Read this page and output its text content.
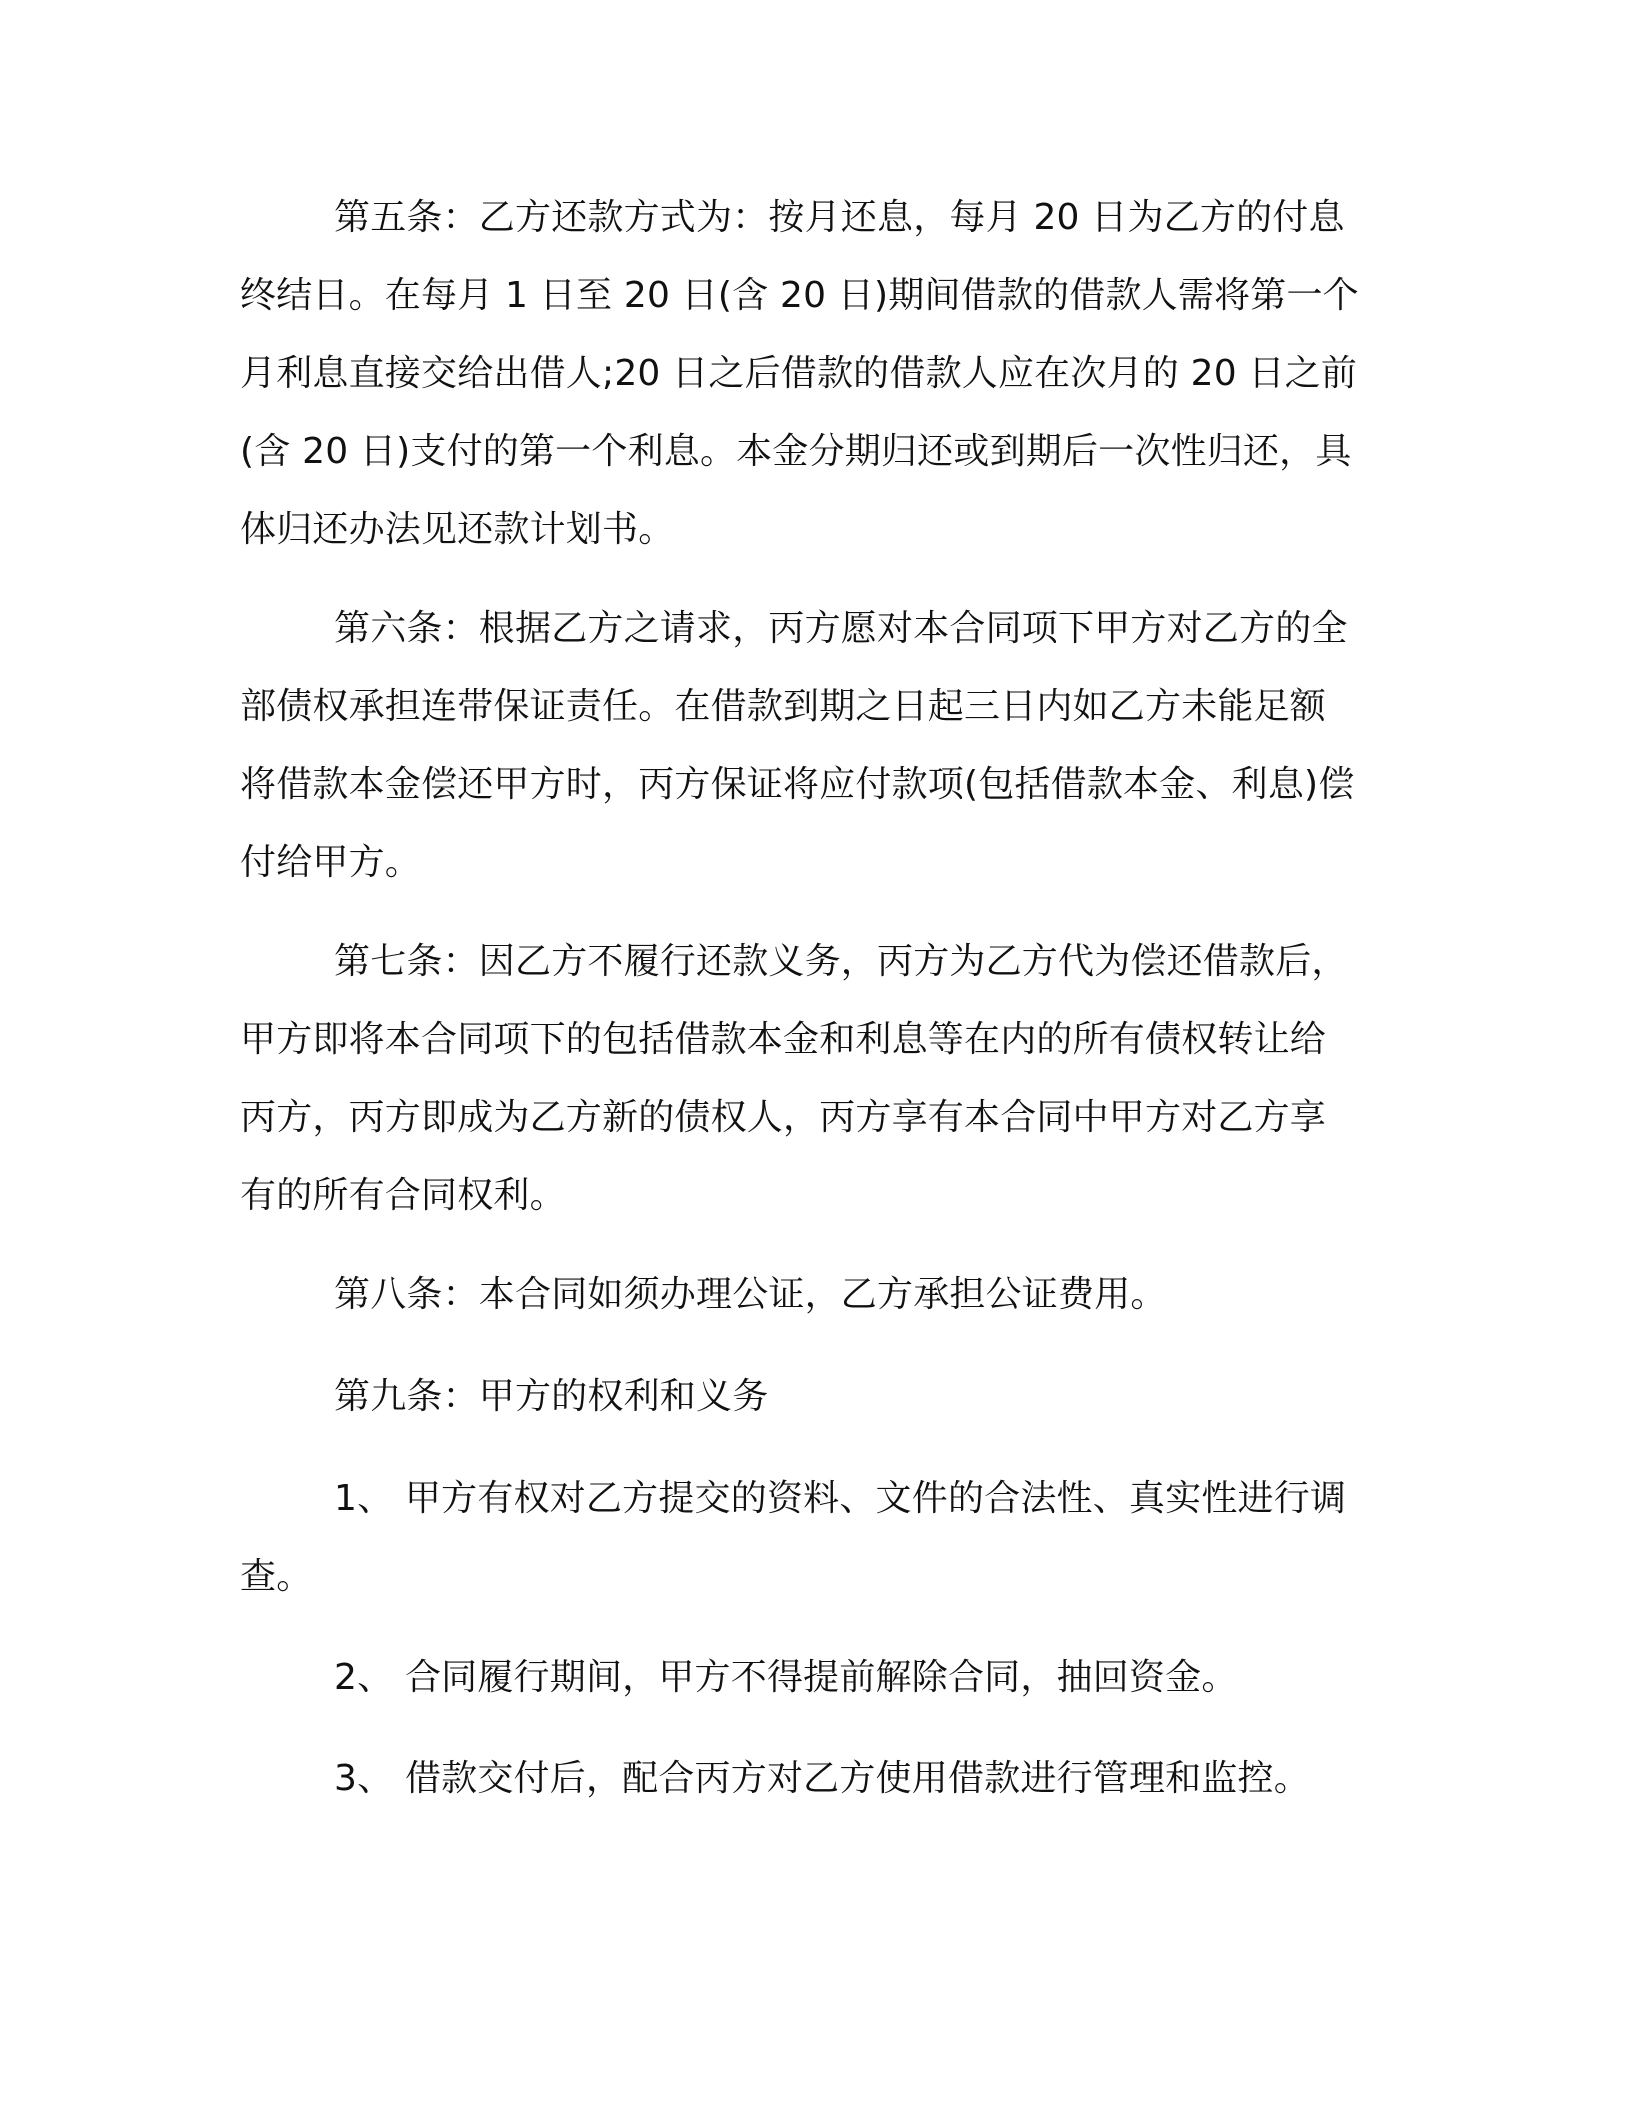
第五条：乙方还款方式为：按月还息，每月 20 日为乙方的付息
终结日。在每月 1 日至 20 日(含 20 日)期间借款的借款人需将第一个
月利息直接交给出借人;20 日之后借款的借款人应在次月的 20 日之前
(含 20 日)支付的第一个利息。本金分期归还或到期后一次性归还，具
体归还办法见还款计划书。
第六条：根据乙方之请求，丙方愿对本合同项下甲方对乙方的全
部债权承担连带保证责任。在借款到期之日起三日内如乙方未能足额
将借款本金偿还甲方时，丙方保证将应付款项(包括借款本金、利息)偿
付给甲方。
第七条：因乙方不履行还款义务，丙方为乙方代为偿还借款后，
甲方即将本合同项下的包括借款本金和利息等在内的所有债权转让给
丙方，丙方即成为乙方新的债权人，丙方享有本合同中甲方对乙方享
有的所有合同权利。
第八条：本合同如须办理公证，乙方承担公证费用。
第九条：甲方的权利和义务
1、 甲方有权对乙方提交的资料、文件的合法性、真实性进行调
查。
2、 合同履行期间，甲方不得提前解除合同，抽回资金。
3、 借款交付后，配合丙方对乙方使用借款进行管理和监控。
